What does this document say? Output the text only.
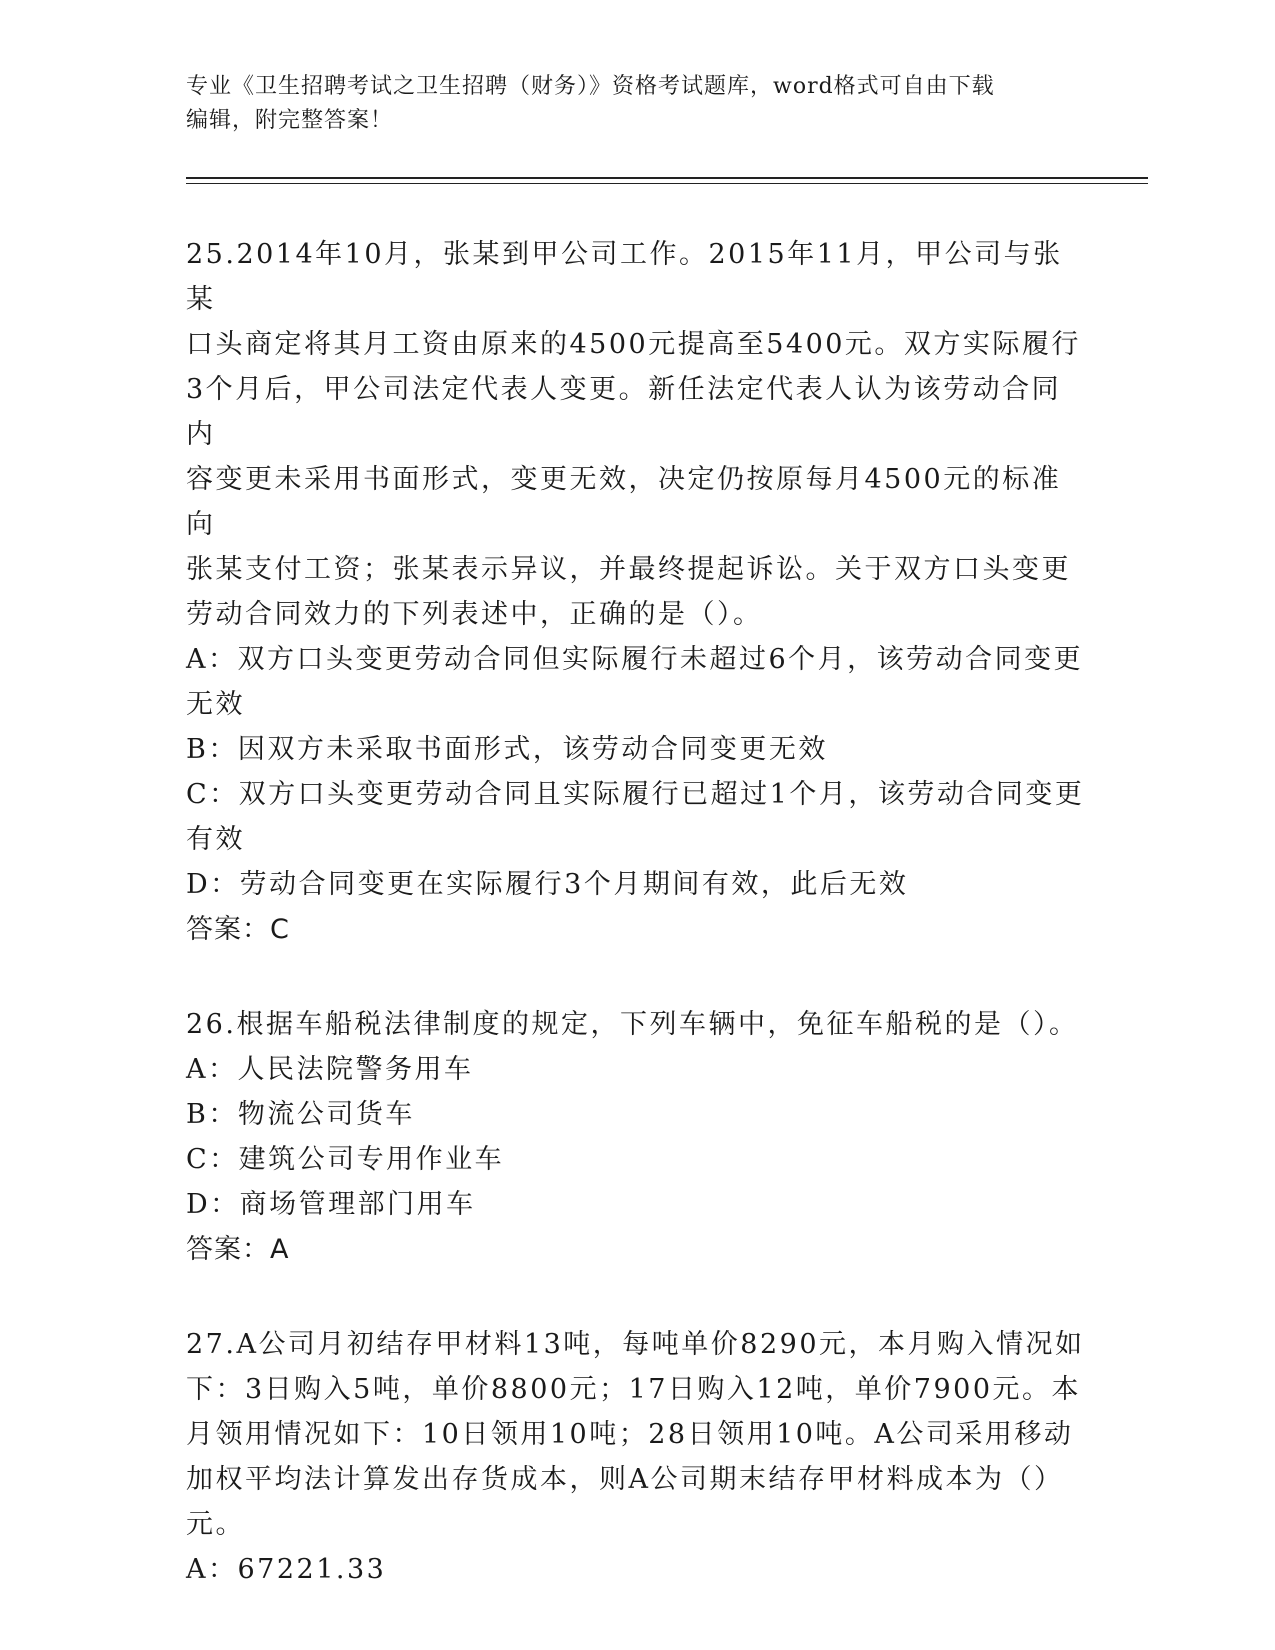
专业《卫生招聘考试之卫生招聘（财务）》资格考试题库，word格式可自由下载
编辑，附完整答案！

25.2014年10月，张某到甲公司工作。2015年11月，甲公司与张某

口头商定将其月工资由原来的4500元提高至5400元。双方实际履行

3个月后，甲公司法定代表人变更。新任法定代表人认为该劳动合同内

容变更未采用书面形式，变更无效，决定仍按原每月4500元的标准向

张某支付工资；张某表示异议，并最终提起诉讼。关于双方口头变更

劳动合同效力的下列表述中，正确的是（）。

A：双方口头变更劳动合同但实际履行未超过6个月，该劳动合同变更

无效

B：因双方未采取书面形式，该劳动合同变更无效

C：双方口头变更劳动合同且实际履行已超过1个月，该劳动合同变更

有效

D：劳动合同变更在实际履行3个月期间有效，此后无效

答案：C

26.根据车船税法律制度的规定，下列车辆中，免征车船税的是（）。

A：人民法院警务用车

B：物流公司货车

C：建筑公司专用作业车

D：商场管理部门用车

答案：A

27.A公司月初结存甲材料13吨，每吨单价8290元，本月购入情况如

下：3日购入5吨，单价8800元；17日购入12吨，单价7900元。本

月领用情况如下：10日领用10吨；28日领用10吨。A公司采用移动

加权平均法计算发出存货成本，则A公司期末结存甲材料成本为（）

元。

A：67221.33
